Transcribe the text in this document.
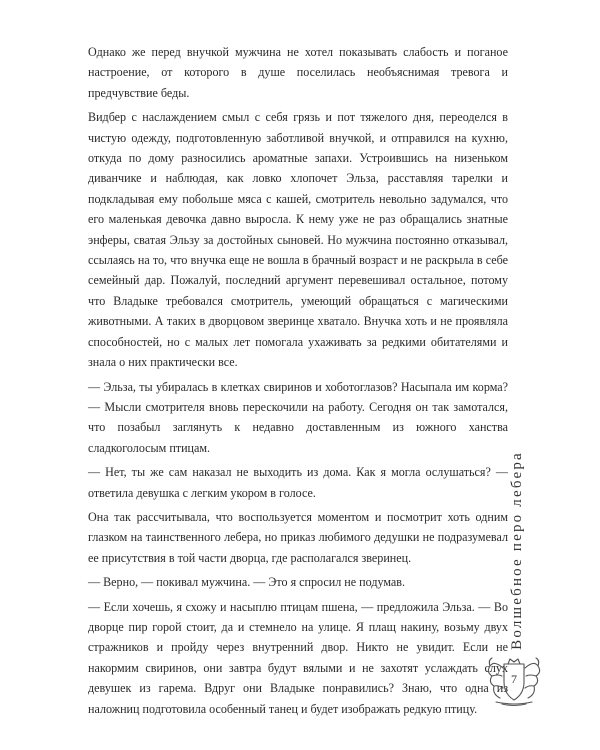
Однако же перед внучкой мужчина не хотел показывать слабость и поганое настроение, от которого в душе поселилась необъяснимая тревога и предчувствие беды.

Видбер с наслаждением смыл с себя грязь и пот тяжелого дня, переоделся в чистую одежду, подготовленную заботливой внучкой, и отправился на кухню, откуда по дому разносились ароматные запахи. Устроившись на низеньком диванчике и наблюдая, как ловко хлопочет Эльза, расставляя тарелки и подкладывая ему побольше мяса с кашей, смотритель невольно задумался, что его маленькая девочка давно выросла. К нему уже не раз обращались знатные энферы, сватая Эльзу за достойных сыновей. Но мужчина постоянно отказывал, ссылаясь на то, что внучка еще не вошла в брачный возраст и не раскрыла в себе семейный дар. Пожалуй, последний аргумент перевешивал остальное, потому что Владыке требовался смотритель, умеющий обращаться с магическими животными. А таких в дворцовом зверинце хватало. Внучка хоть и не проявляла способностей, но с малых лет помогала ухаживать за редкими обитателями и знала о них практически все.

— Эльза, ты убиралась в клетках свиринов и хоботоглазов? Насыпала им корма? — Мысли смотрителя вновь перескочили на работу. Сегодня он так замотался, что позабыл заглянуть к недавно доставленным из южного ханства сладкоголосым птицам.

— Нет, ты же сам наказал не выходить из дома. Как я могла ослушаться? — ответила девушка с легким укором в голосе.

Она так рассчитывала, что воспользуется моментом и посмотрит хоть одним глазком на таинственного лебера, но приказ любимого дедушки не подразумевал ее присутствия в той части дворца, где располагался зверинец.

— Верно, — покивал мужчина. — Это я спросил не подумав.

— Если хочешь, я схожу и насыплю птицам пшена, — предложила Эльза. — Во дворце пир горой стоит, да и стемнело на улице. Я плащ накину, возьму двух стражников и пройду через внутренний двор. Никто не увидит. Если не накормим свиринов, они завтра будут вялыми и не захотят услаждать слух девушек из гарема. Вдруг они Владыке понравились? Знаю, что одна из наложниц подготовила особенный танец и будет изображать редкую птицу.

Волшебное перо лебера
7
